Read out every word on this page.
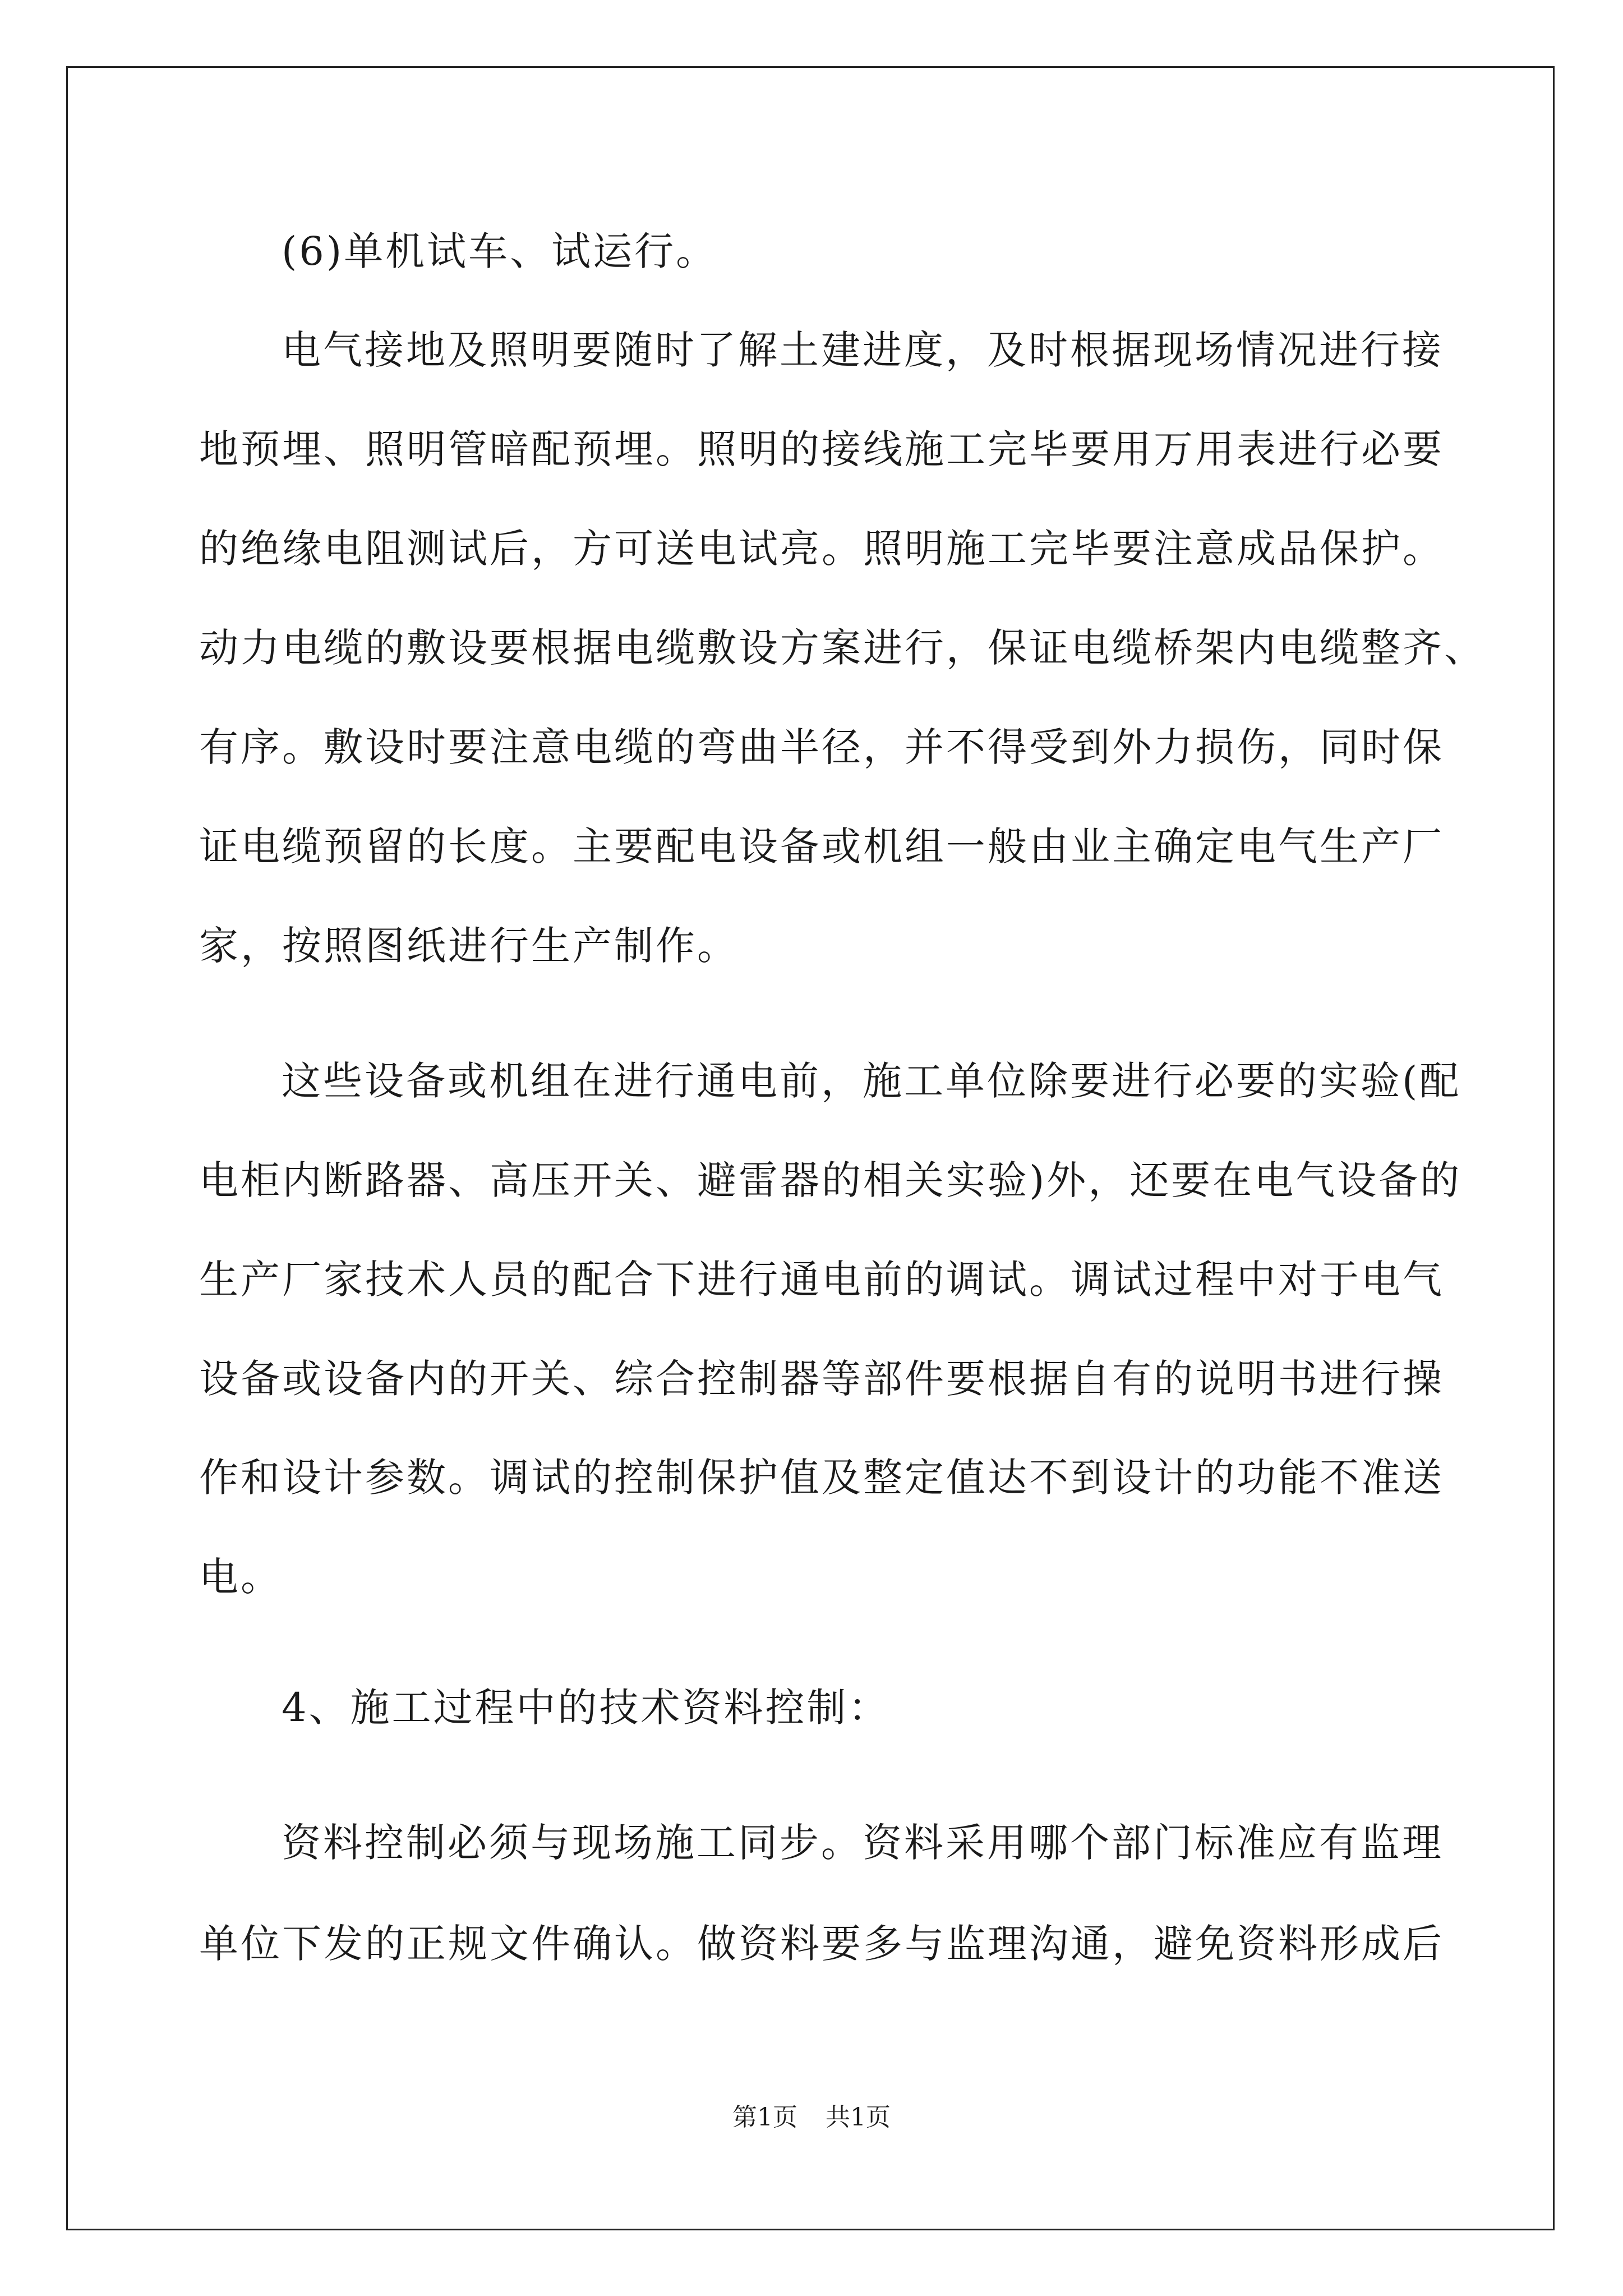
(6)单机试车、试运行。
电气接地及照明要随时了解土建进度，及时根据现场情况进行接
地预埋、照明管暗配预埋。照明的接线施工完毕要用万用表进行必要
的绝缘电阻测试后，方可送电试亮。照明施工完毕要注意成品保护。
动力电缆的敷设要根据电缆敷设方案进行，保证电缆桥架内电缆整齐、
有序。敷设时要注意电缆的弯曲半径，并不得受到外力损伤，同时保
证电缆预留的长度。主要配电设备或机组一般由业主确定电气生产厂
家，按照图纸进行生产制作。
这些设备或机组在进行通电前，施工单位除要进行必要的实验(配
电柜内断路器、高压开关、避雷器的相关实验)外，还要在电气设备的
生产厂家技术人员的配合下进行通电前的调试。调试过程中对于电气
设备或设备内的开关、综合控制器等部件要根据自有的说明书进行操
作和设计参数。调试的控制保护值及整定值达不到设计的功能不准送
电。
4、施工过程中的技术资料控制：
资料控制必须与现场施工同步。资料采用哪个部门标准应有监理
单位下发的正规文件确认。做资料要多与监理沟通，避免资料形成后
第1页 共1页
